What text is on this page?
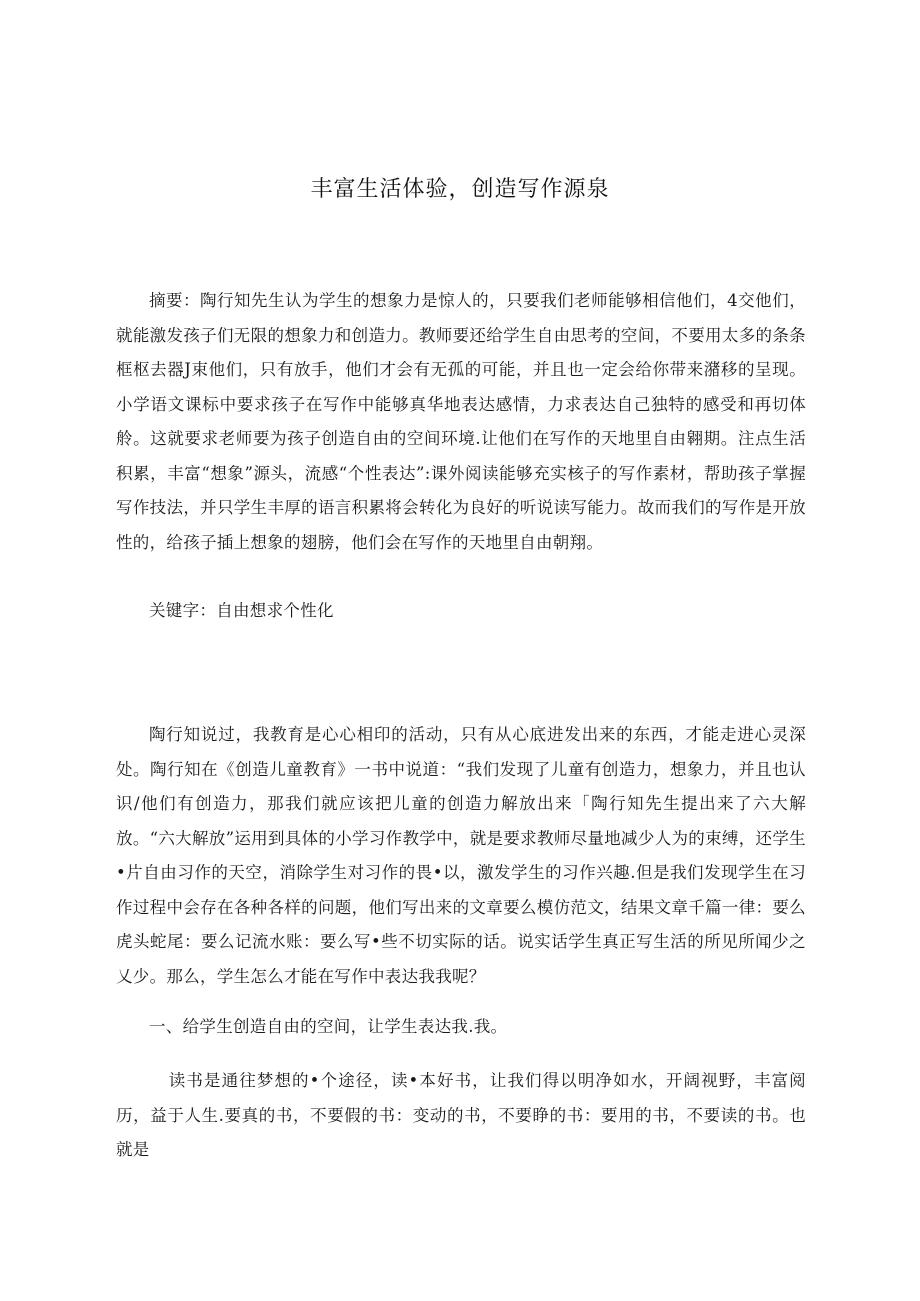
丰富生活体验，创造写作源泉

摘要：陶行知先生认为学生的想象力是惊人的，只要我们老师能够相信他们，4交他们，就能激发孩子们无限的想象力和创造力。教师要还给学生自由思考的空间，不要用太多的条条框枢去器J束他们，只有放手，他们才会有无孤的可能，并且也一定会给你带来潴移的呈现。小学语文课标中要求孩子在写作中能够真华地表达感情，力求表达自己独特的感受和再切体舲。这就要求老师要为孩子创造自由的空间环境.让他们在写作的天地里自由翱期。注点生活积累，丰富“想象”源头，流感“个性表达”:课外阅读能够充实核子的写作素材，帮助孩子掌握写作技法，并只学生丰厚的语言积累将会转化为良好的听说读写能力。故而我们的写作是开放性的，给孩子插上想象的翅膀，他们会在写作的天地里自由朝翔。

关键字：自由想求个性化

陶行知说过，我教育是心心相印的活动，只有从心底进发出来的东西，才能走进心灵深处。陶行知在《创造儿童教育》一书中说道：“我们发现了儿童有创造力，想象力，并且也认识/他们有创造力，那我们就应该把儿童的创造力解放出来「陶行知先生提出来了六大解放。“六大解放”运用到具体的小学习作教学中，就是要求教师尽量地减少人为的束缚，还学生•片自由习作的天空，消除学生对习作的畏•以，激发学生的习作兴趣.但是我们发现学生在习作过程中会存在各种各样的问题，他们写出来的文章要么模仿范文，结果文章千篇一律：要么虎头蛇尾：要么记流水账：要么写•些不切实际的话。说实话学生真正写生活的所见所闻少之乂少。那么，学生怎么才能在写作中表达我我呢？

一、给学生创造自由的空间，让学生表达我.我。

读书是通往梦想的•个途径，读•本好书，让我们得以明净如水，开阔视野，丰富阅历，益于人生.要真的书，不要假的书：变动的书，不要睁的书：要用的书，不要读的书。也就是
